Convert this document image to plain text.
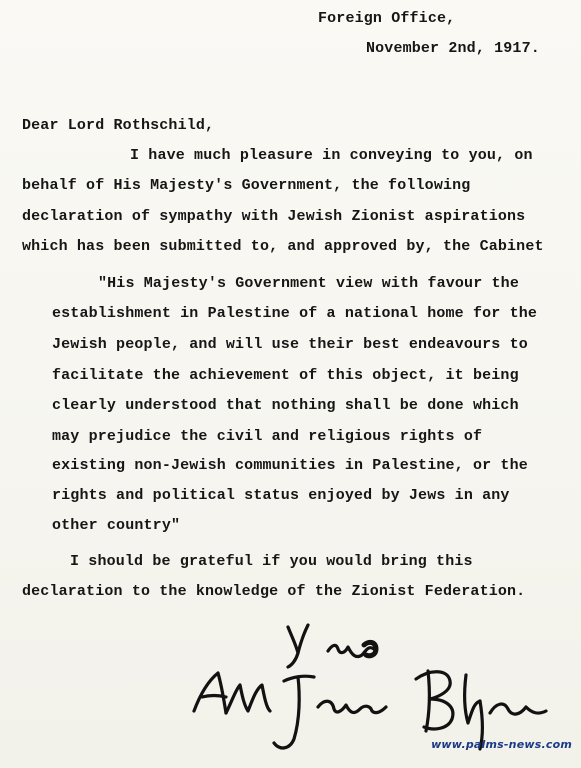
Foreign Office,
November 2nd, 1917.
Dear Lord Rothschild,
I have much pleasure in conveying to you, on
behalf of His Majesty's Government, the following
declaration of sympathy with Jewish Zionist aspirations
which has been submitted to, and approved by, the Cabinet
"His Majesty's Government view with favour the
establishment in Palestine of a national home for the
Jewish people, and will use their best endeavours to
facilitate the achievement of this object, it being
clearly understood that nothing shall be done which
may prejudice the civil and religious rights of
existing non-Jewish communities in Palestine, or the
rights and political status enjoyed by Jews in any
other country"
I should be grateful if you would bring this
declaration to the knowledge of the Zionist Federation.
www.palms-news.com
